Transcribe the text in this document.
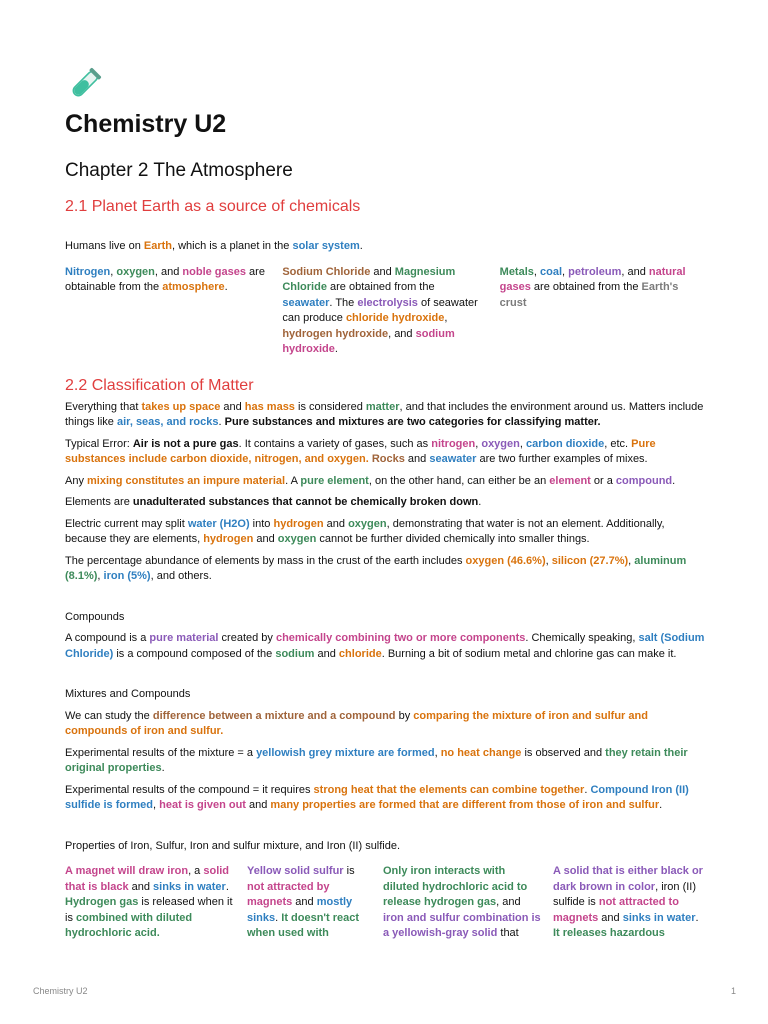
Chemistry U2
Chapter 2 The Atmosphere
2.1 Planet Earth as a source of chemicals

Humans live on Earth, which is a planet in the solar system.

Nitrogen, oxygen, and noble gases are obtainable from the atmosphere.

Sodium Chloride and Magnesium Chloride are obtained from the seawater. The electrolysis of seawater can produce chloride hydroxide, hydrogen hydroxide, and sodium hydroxide.

Metals, coal, petroleum, and natural gases are obtained from the Earth's crust

2.2 Classification of Matter

Everything that takes up space and has mass is considered matter, and that includes the environment around us. Matters include things like air, seas, and rocks. Pure substances and mixtures are two categories for classifying matter.

Typical Error: Air is not a pure gas. It contains a variety of gases, such as nitrogen, oxygen, carbon dioxide, etc. Pure substances include carbon dioxide, nitrogen, and oxygen. Rocks and seawater are two further examples of mixes.

Any mixing constitutes an impure material. A pure element, on the other hand, can either be an element or a compound.

Elements are unadulterated substances that cannot be chemically broken down.

Electric current may split water (H2O) into hydrogen and oxygen, demonstrating that water is not an element. Additionally, because they are elements, hydrogen and oxygen cannot be further divided chemically into smaller things.

The percentage abundance of elements by mass in the crust of the earth includes oxygen (46.6%), silicon (27.7%), aluminum (8.1%), iron (5%), and others.

Compounds

A compound is a pure material created by chemically combining two or more components. Chemically speaking, salt (Sodium Chloride) is a compound composed of the sodium and chloride. Burning a bit of sodium metal and chlorine gas can make it.

Mixtures and Compounds

We can study the difference between a mixture and a compound by comparing the mixture of iron and sulfur and compounds of iron and sulfur.

Experimental results of the mixture = a yellowish grey mixture are formed, no heat change is observed and they retain their original properties.

Experimental results of the compound = it requires strong heat that the elements can combine together. Compound Iron (II) sulfide is formed, heat is given out and many properties are formed that are different from those of iron and sulfur.

Properties of Iron, Sulfur, Iron and sulfur mixture, and Iron (II) sulfide.

A magnet will draw iron, a solid that is black and sinks in water. Hydrogen gas is released when it is combined with diluted hydrochloric acid.

Yellow solid sulfur is not attracted by magnets and mostly sinks. It doesn't react when used with

Only iron interacts with diluted hydrochloric acid to release hydrogen gas, and iron and sulfur combination is a yellowish-gray solid that

A solid that is either black or dark brown in color, iron (II) sulfide is not attracted to magnets and sinks in water. It releases hazardous

Chemistry U2	1
